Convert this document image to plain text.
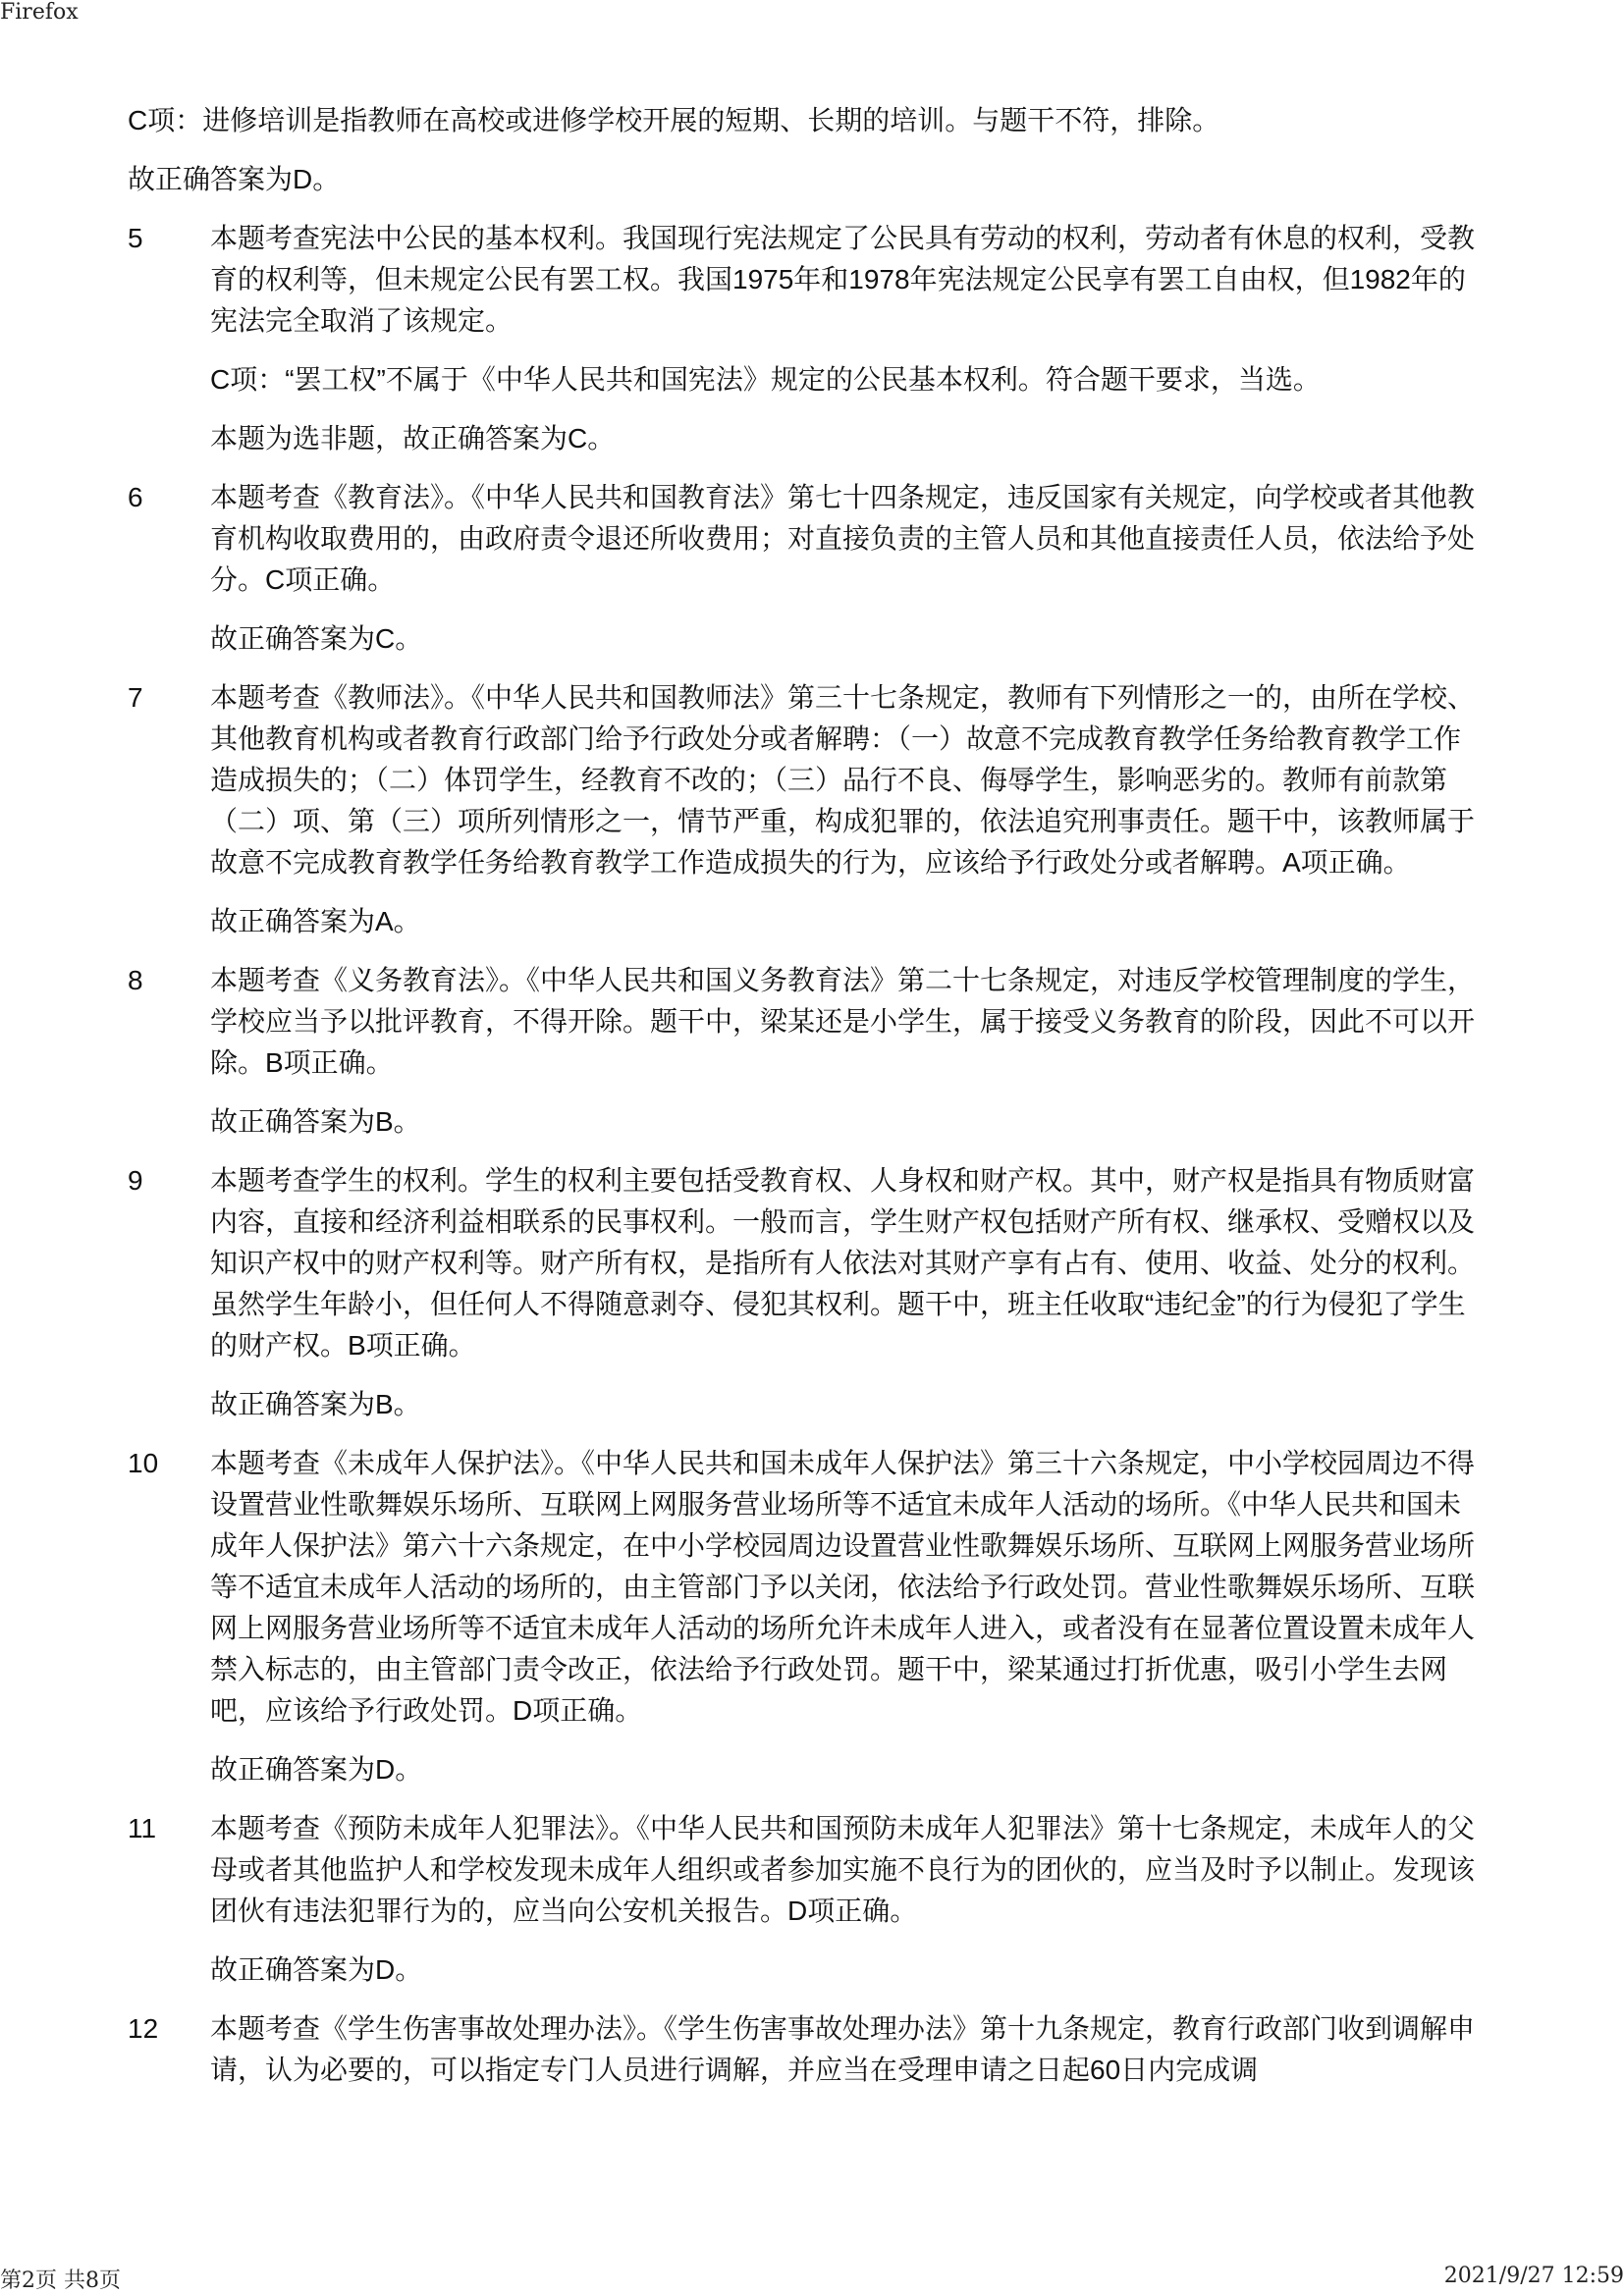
Firefox

C项：进修培训是指教师在高校或进修学校开展的短期、长期的培训。与题干不符，排除。

故正确答案为D。

5	本题考查宪法中公民的基本权利。我国现行宪法规定了公民具有劳动的权利，劳动者有休息的权利，受教育的权利等，但未规定公民有罢工权。我国1975年和1978年宪法规定公民享有罢工自由权，但1982年的宪法完全取消了该规定。

C项：“罢工权”不属于《中华人民共和国宪法》规定的公民基本权利。符合题干要求，当选。

本题为选非题，故正确答案为C。

6	本题考查《教育法》。《中华人民共和国教育法》第七十四条规定，违反国家有关规定，向学校或者其他教育机构收取费用的，由政府责令退还所收费用；对直接负责的主管人员和其他直接责任人员，依法给予处分。C项正确。

故正确答案为C。

7	本题考查《教师法》。《中华人民共和国教师法》第三十七条规定，教师有下列情形之一的，由所在学校、其他教育机构或者教育行政部门给予行政处分或者解聘：（一）故意不完成教育教学任务给教育教学工作造成损失的；（二）体罚学生，经教育不改的；（三）品行不良、侮辱学生，影响恶劣的。教师有前款第（二）项、第（三）项所列情形之一，情节严重，构成犯罪的，依法追究刑事责任。题干中，该教师属于故意不完成教育教学任务给教育教学工作造成损失的行为，应该给予行政处分或者解聘。A项正确。

故正确答案为A。

8	本题考查《义务教育法》。《中华人民共和国义务教育法》第二十七条规定，对违反学校管理制度的学生，学校应当予以批评教育，不得开除。题干中，梁某还是小学生，属于接受义务教育的阶段，因此不可以开除。B项正确。

故正确答案为B。

9	本题考查学生的权利。学生的权利主要包括受教育权、人身权和财产权。其中，财产权是指具有物质财富内容，直接和经济利益相联系的民事权利。一般而言，学生财产权包括财产所有权、继承权、受赠权以及知识产权中的财产权利等。财产所有权，是指所有人依法对其财产享有占有、使用、收益、处分的权利。虽然学生年龄小，但任何人不得随意剥夺、侵犯其权利。题干中，班主任收取“违纪金”的行为侵犯了学生的财产权。B项正确。

故正确答案为B。

10	本题考查《未成年人保护法》。《中华人民共和国未成年人保护法》第三十六条规定，中小学校园周边不得设置营业性歌舞娱乐场所、互联网上网服务营业场所等不适宜未成年人活动的场所。《中华人民共和国未成年人保护法》第六十六条规定，在中小学校园周边设置营业性歌舞娱乐场所、互联网上网服务营业场所等不适宜未成年人活动的场所的，由主管部门予以关闭，依法给予行政处罚。营业性歌舞娱乐场所、互联网上网服务营业场所等不适宜未成年人活动的场所允许未成年人进入，或者没有在显著位置设置未成年人禁入标志的，由主管部门责令改正，依法给予行政处罚。题干中，梁某通过打折优惠，吸引小学生去网吧，应该给予行政处罚。D项正确。

故正确答案为D。

11	本题考查《预防未成年人犯罪法》。《中华人民共和国预防未成年人犯罪法》第十七条规定，未成年人的父母或者其他监护人和学校发现未成年人组织或者参加实施不良行为的团伙的，应当及时予以制止。发现该团伙有违法犯罪行为的，应当向公安机关报告。D项正确。

故正确答案为D。

12	本题考查《学生伤害事故处理办法》。《学生伤害事故处理办法》第十九条规定，教育行政部门收到调解申请，认为必要的，可以指定专门人员进行调解，并应当在受理申请之日起60日内完成调

第2页 共8页	2021/9/27 12:59
